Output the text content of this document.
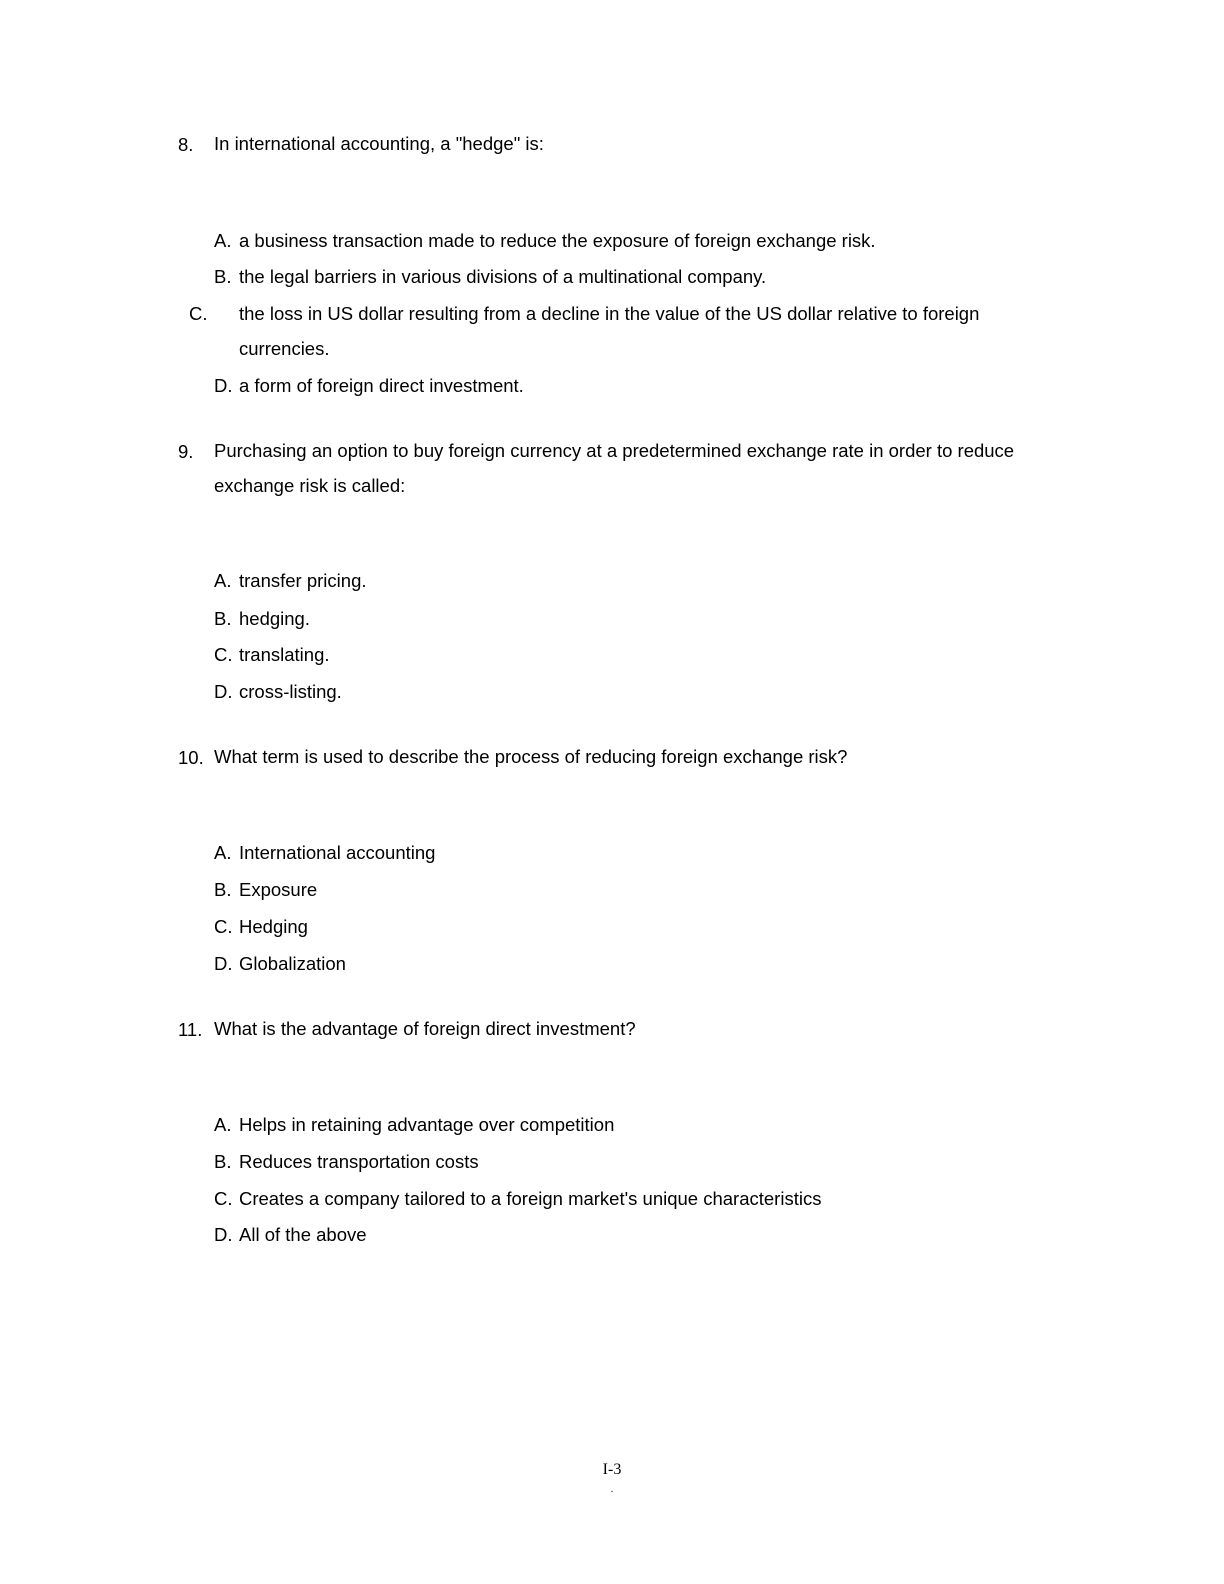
8. In international accounting, a "hedge" is:
A. a business transaction made to reduce the exposure of foreign exchange risk.
B. the legal barriers in various divisions of a multinational company.
C. the loss in US dollar resulting from a decline in the value of the US dollar relative to foreign currencies.
D. a form of foreign direct investment.
9. Purchasing an option to buy foreign currency at a predetermined exchange rate in order to reduce exchange risk is called:
A. transfer pricing.
B. hedging.
C. translating.
D. cross-listing.
10. What term is used to describe the process of reducing foreign exchange risk?
A. International accounting
B. Exposure
C. Hedging
D. Globalization
11. What is the advantage of foreign direct investment?
A. Helps in retaining advantage over competition
B. Reduces transportation costs
C. Creates a company tailored to a foreign market's unique characteristics
D. All of the above
I-3
.
